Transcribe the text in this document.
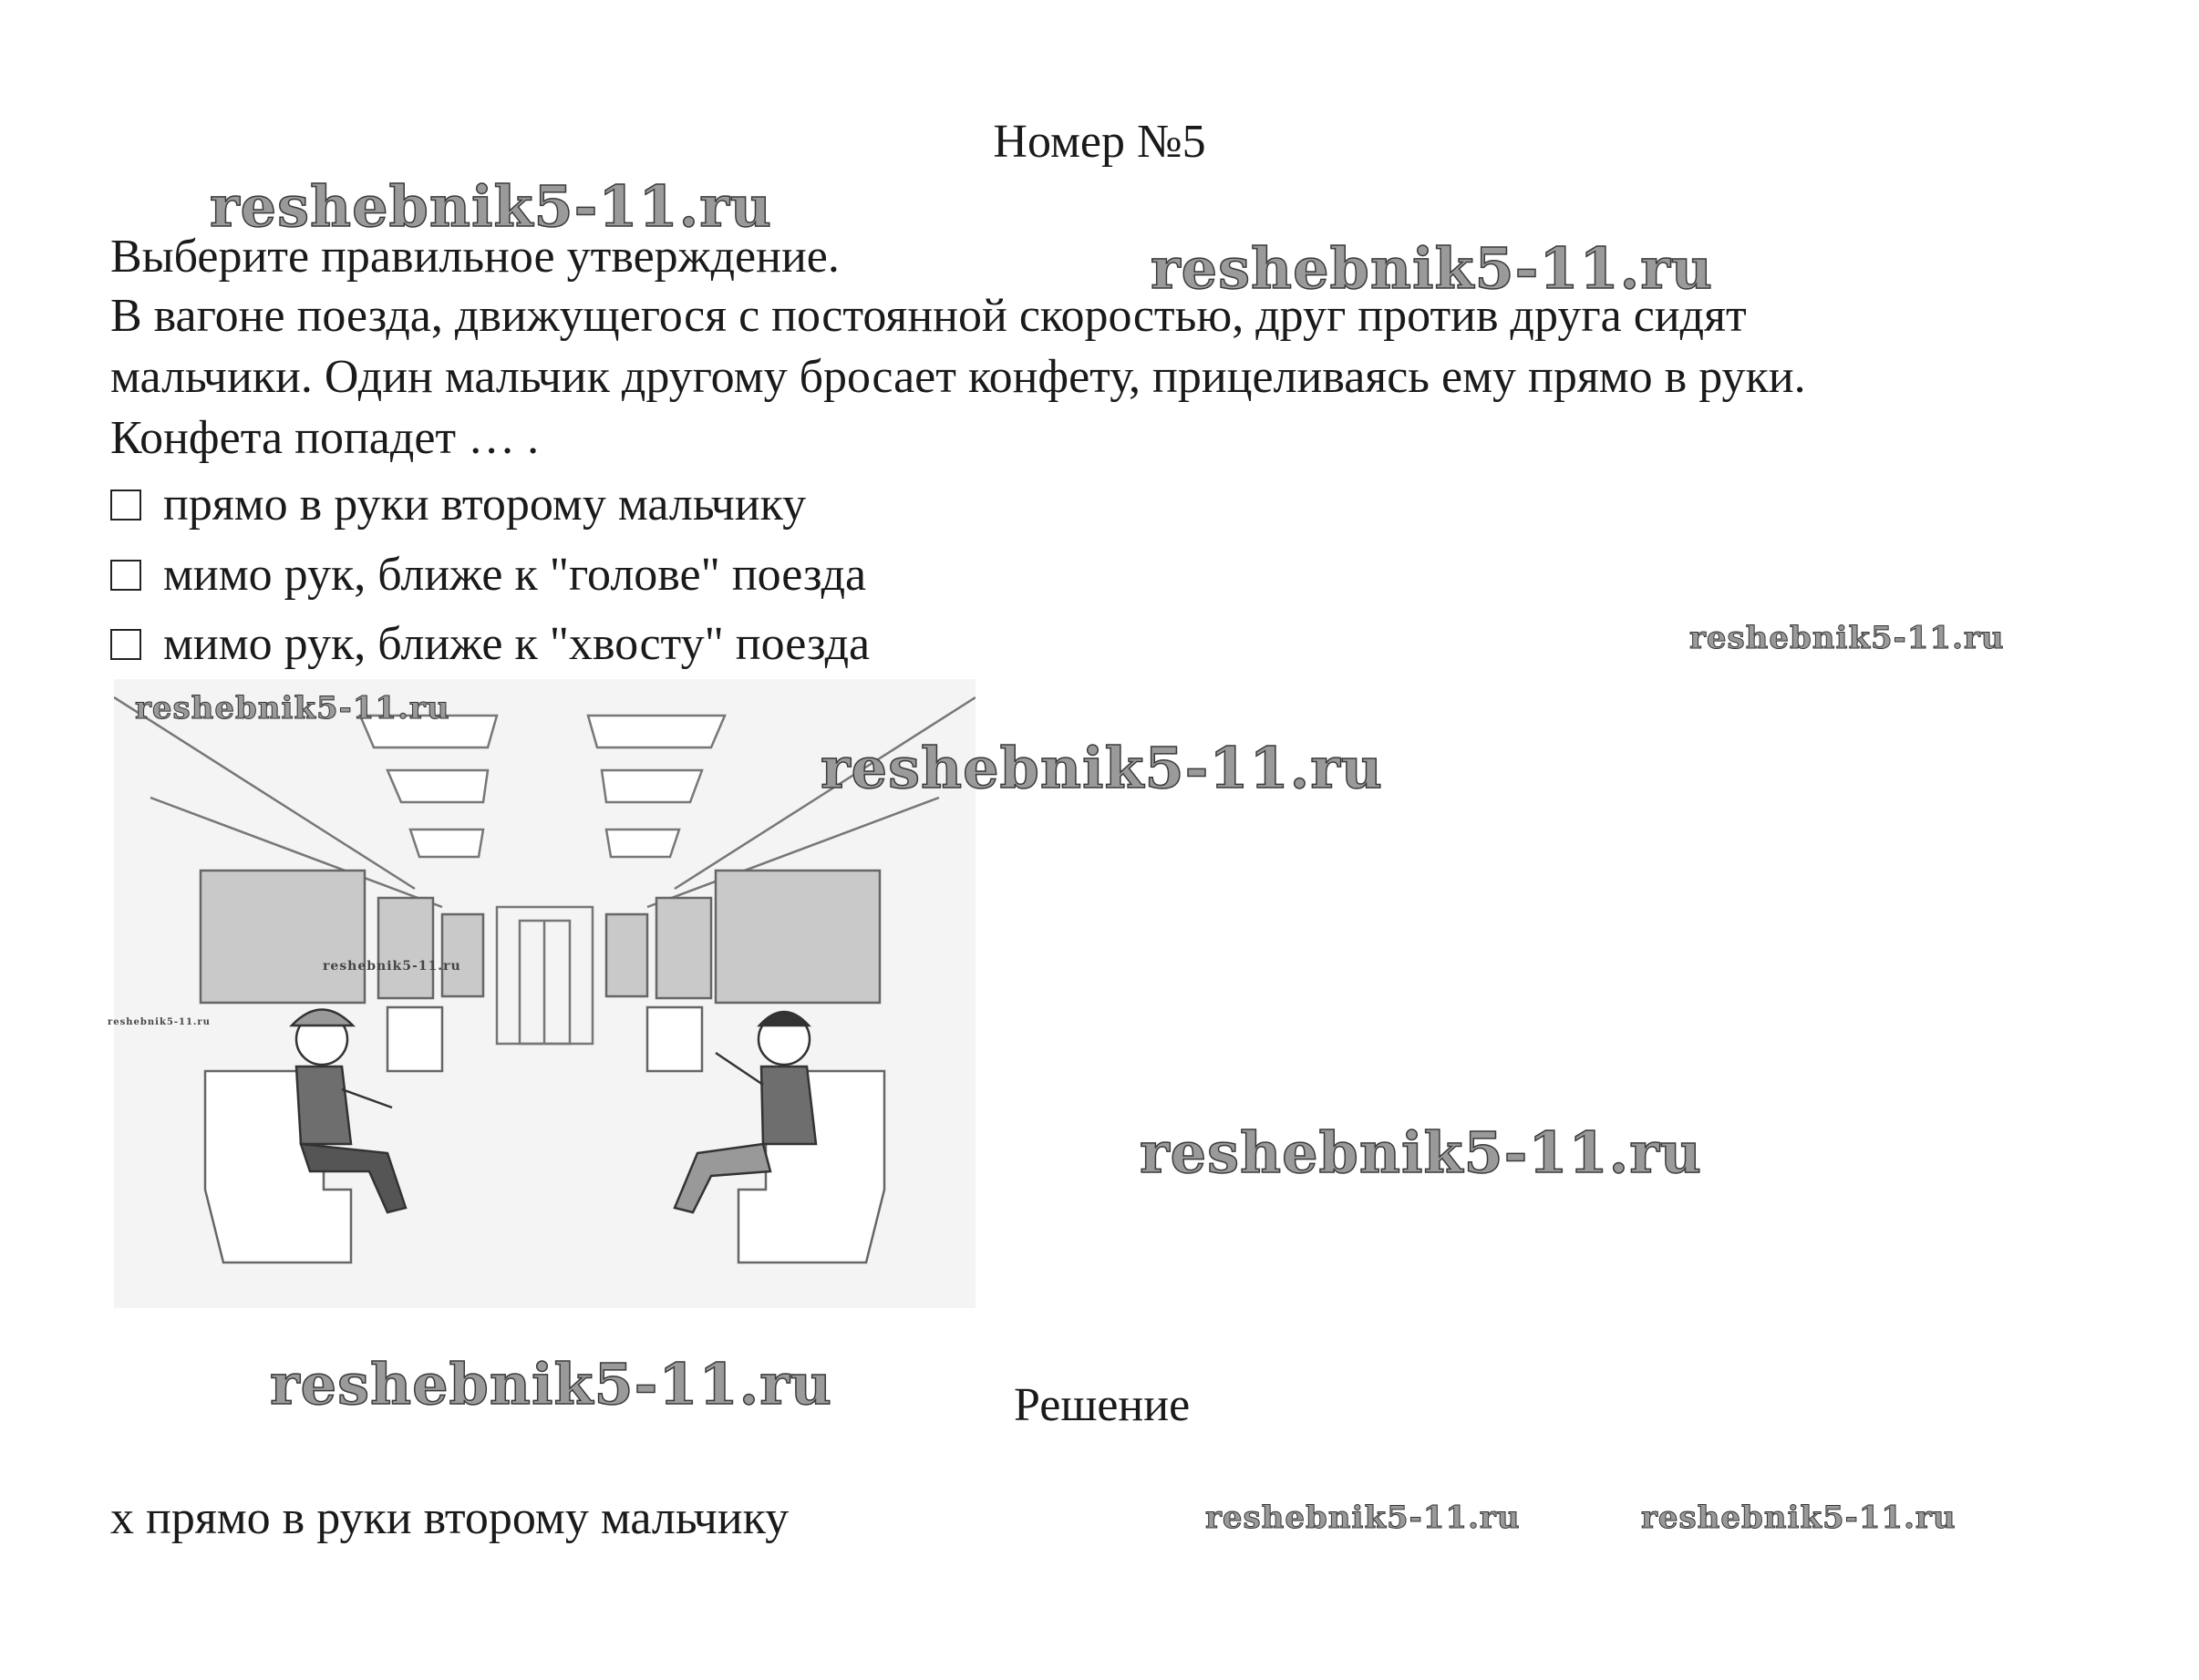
Номер №5
Выберите правильное утверждение.
В вагоне поезда, движущегося с постоянной скоростью, друг против друга сидят
мальчики. Один мальчик другому бросает конфету, прицеливаясь ему прямо в руки.
Конфета попадет … .
прямо в руки второму мальчику
мимо рук, ближе к "голове" поезда
мимо рук, ближе к "хвосту" поезда
Решение
x прямо в руки второму мальчику
reshebnik5-11.ru
reshebnik5-11.ru
reshebnik5-11.ru
reshebnik5-11.ru
reshebnik5-11.ru
reshebnik5-11.ru
reshebnik5-11.ru
reshebnik5-11.ru
reshebnik5-11.ru
reshebnik5-11.ru	reshebnik5-11.ru
